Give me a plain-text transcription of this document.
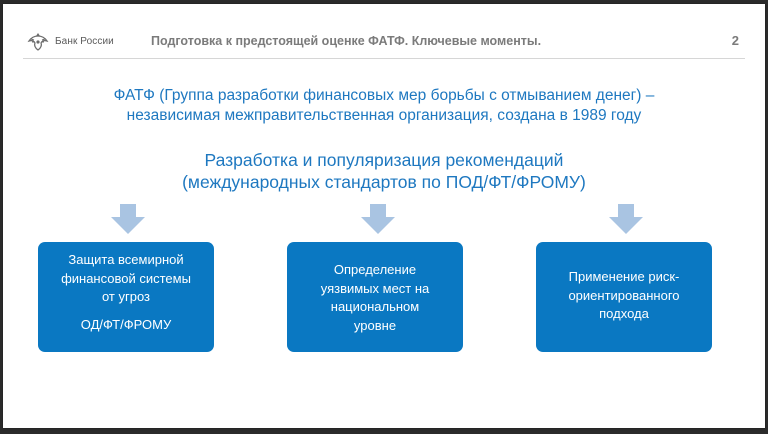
Банк России	Подготовка к предстоящей оценке ФАТФ. Ключевые моменты.	2
ФАТФ (Группа разработки финансовых мер борьбы с отмыванием денег) –
независимая межправительственная организация, создана в 1989 году
Разработка и популяризация рекомендаций
(международных стандартов по ПОД/ФТ/ФРОМУ)
Защита всемирной
финансовой системы
от угроз
ОД/ФТ/ФРОМУ
Определение
уязвимых мест на
национальном
уровне
Применение риск-
ориентированного
подхода
